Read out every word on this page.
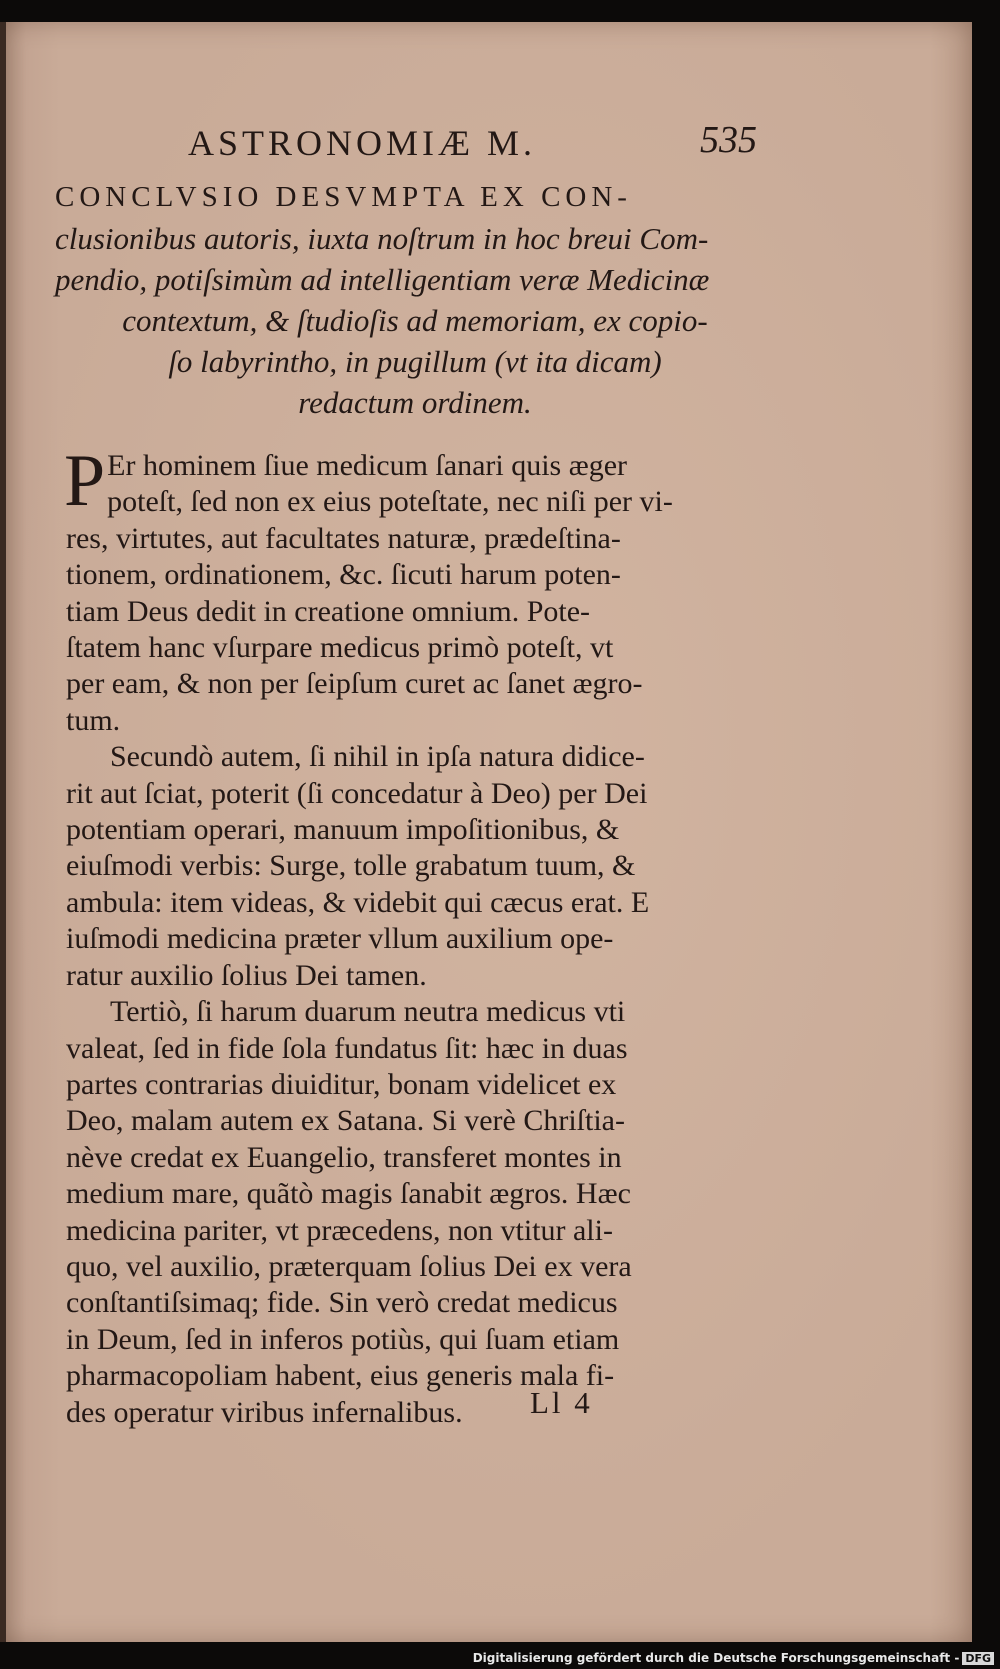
ASTRONOMIÆ M.	535
CONCLVSIO DESVMPTA EX CON-
clusionibus autoris, iuxta noſtrum in hoc breui Com-
pendio, potiſsimùm ad intelligentiam veræ Medicinæ
contextum, & ſtudioſis ad memoriam, ex copio-
ſo labyrintho, in pugillum (vt ita dicam)
redactum ordinem.
P Er hominem ſiue medicum ſanari quis æger
poteſt, ſed non ex eius poteſtate, nec niſi per vi-
res, virtutes, aut facultates naturæ, prædeſtina-
tionem, ordinationem, &c. ſicuti harum poten-
tiam Deus dedit in creatione omnium. Pote-
ſtatem hanc vſurpare medicus primò poteſt, vt
per eam, & non per ſeipſum curet ac ſanet ægro-
tum.
Secundò autem, ſi nihil in ipſa natura didice-
rit aut ſciat, poterit (ſi concedatur à Deo) per Dei
potentiam operari, manuum impoſitionibus, &
eiuſmodi verbis: Surge, tolle grabatum tuum, &
ambula: item videas, & videbit qui cæcus erat. E
iuſmodi medicina præter vllum auxilium ope-
ratur auxilio ſolius Dei tamen.
Tertiò, ſi harum duarum neutra medicus vti
valeat, ſed in fide ſola fundatus ſit: hæc in duas
partes contrarias diuiditur, bonam videlicet ex
Deo, malam autem ex Satana. Si verè Chriſtia-
nève credat ex Euangelio, transferet montes in
medium mare, quãtò magis ſanabit ægros. Hæc
medicina pariter, vt præcedens, non vtitur ali-
quo, vel auxilio, præterquam ſolius Dei ex vera
conſtantiſsimaq; fide. Sin verò credat medicus
in Deum, ſed in inferos potiùs, qui ſuam etiam
pharmacopoliam habent, eius generis mala fi-
des operatur viribus infernalibus.	Ll 4
Digitalisierung gefördert durch die Deutsche Forschungsgemeinschaft - DFG
